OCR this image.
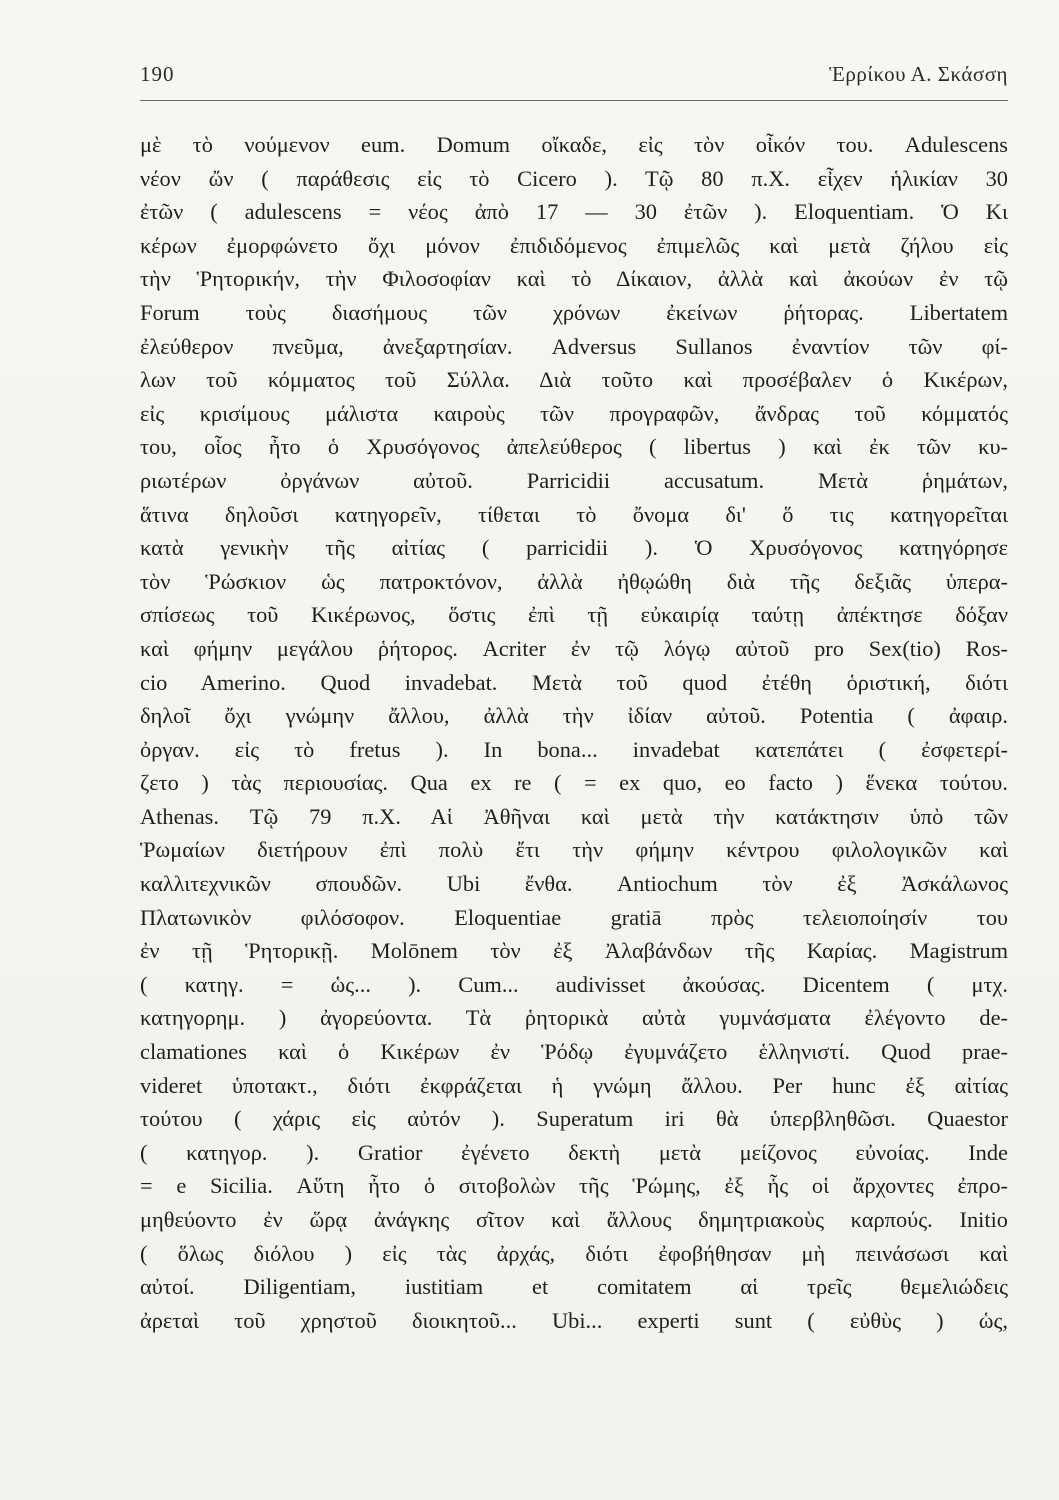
190	Ἑρρίκου Α. Σκάσση
μὲ τὸ νούμενον eum. Domum οἴκαδε, εἰς τὸν οἶκόν του. Adulescens
νέον ὤν ( παράθεσις εἰς τὸ Cicero ). Τῷ 80 π.Χ. εἶχεν ἡλικίαν 30
ἐτῶν ( adulescens = νέος ἀπὸ 17 — 30 ἐτῶν ). Eloquentiam. Ὁ Κι
κέρων ἐμορφώνετο ὄχι μόνον ἐπιδιδόμενος ἐπιμελῶς καὶ μετὰ ζήλου εἰς
τὴν Ῥητορικήν, τὴν Φιλοσοφίαν καὶ τὸ Δίκαιον, ἀλλὰ καὶ ἀκούων ἐν τῷ
Forum τοὺς διασήμους τῶν χρόνων ἐκείνων ῥήτορας. Libertatem
ἐλεύθερον πνεῦμα, ἀνεξαρτησίαν. Adversus Sullanos ἐναντίον τῶν φί-
λων τοῦ κόμματος τοῦ Σύλλα. Διὰ τοῦτο καὶ προσέβαλεν ὁ Κικέρων,
εἰς κρισίμους μάλιστα καιροὺς τῶν προγραφῶν, ἄνδρας τοῦ κόμματός
του, οἷος ἦτο ὁ Χρυσόγονος ἀπελεύθερος ( libertus ) καὶ ἐκ τῶν κυ-
ριωτέρων ὀργάνων αὐτοῦ. Parricidii accusatum. Μετὰ ῥημάτων,
ἅτινα δηλοῦσι κατηγορεῖν, τίθεται τὸ ὄνομα δι' ὅ τις κατηγορεῖται
κατὰ γενικὴν τῆς αἰτίας ( parricidii ). Ὁ Χρυσόγονος κατηγόρησε
τὸν Ῥώσκιον ὡς πατροκτόνον, ἀλλὰ ἠθῳώθη διὰ τῆς δεξιᾶς ὑπερα-
σπίσεως τοῦ Κικέρωνος, ὅστις ἐπὶ τῇ εὐκαιρίᾳ ταύτῃ ἀπέκτησε δόξαν
καὶ φήμην μεγάλου ῥήτορος. Acriter ἐν τῷ λόγῳ αὐτοῦ pro Sex(tio) Ros-
cio Amerino. Quod invadebat. Μετὰ τοῦ quod ἐτέθη ὁριστική, διότι
δηλοῖ ὄχι γνώμην ἄλλου, ἀλλὰ τὴν ἰδίαν αὐτοῦ. Potentia ( ἀφαιρ.
ὀργαν. εἰς τὸ fretus ). In bona... invadebat κατεπάτει ( ἐσφετερί-
ζετο ) τὰς περιουσίας. Qua ex re ( = ex quo, eo facto ) ἕνεκα τούτου.
Athenas. Τῷ 79 π.Χ. Αἱ Ἀθῆναι καὶ μετὰ τὴν κατάκτησιν ὑπὸ τῶν
Ῥωμαίων διετήρουν ἐπὶ πολὺ ἔτι τὴν φήμην κέντρου φιλολογικῶν καὶ
καλλιτεχνικῶν σπουδῶν. Ubi ἔνθα. Antiochum τὸν ἐξ Ἀσκάλωνος
Πλατωνικὸν φιλόσοφον. Eloquentiae gratiā πρὸς τελειοποίησίν του
ἐν τῇ Ῥητορικῇ. Molōnem τὸν ἐξ Ἀλαβάνδων τῆς Καρίας. Magistrum
( κατηγ. = ὡς... ). Cum... audivisset ἀκούσας. Dicentem ( μτχ.
κατηγορημ. ) ἀγορεύοντα. Τὰ ῥητορικὰ αὐτὰ γυμνάσματα ἐλέγοντο de-
clamationes καὶ ὁ Κικέρων ἐν Ῥόδῳ ἐγυμνάζετο ἑλληνιστί. Quod prae-
videret ὑποτακτ., διότι ἐκφράζεται ἡ γνώμη ἄλλου. Per hunc ἐξ αἰτίας
τούτου ( χάρις εἰς αὐτόν ). Superatum iri θὰ ὑπερβληθῶσι. Quaestor
( κατηγορ. ). Gratior ἐγένετο δεκτὴ μετὰ μείζονος εὐνοίας. Inde
= e Sicilia. Αὕτη ἦτο ὁ σιτοβολὼν τῆς Ῥώμης, ἐξ ἧς οἱ ἄρχοντες ἐπρο-
μηθεύοντο ἐν ὥρᾳ ἀνάγκης σῖτον καὶ ἄλλους δημητριακοὺς καρπούς. Initio
( ὅλως διόλου ) εἰς τὰς ἀρχάς, διότι ἐφοβήθησαν μὴ πεινάσωσι καὶ
αὐτοί. Diligentiam, iustitiam et comitatem αἱ τρεῖς θεμελιώδεις
ἀρεταὶ τοῦ χρηστοῦ διοικητοῦ... Ubi... experti sunt ( εὐθὺς ) ὡς,
